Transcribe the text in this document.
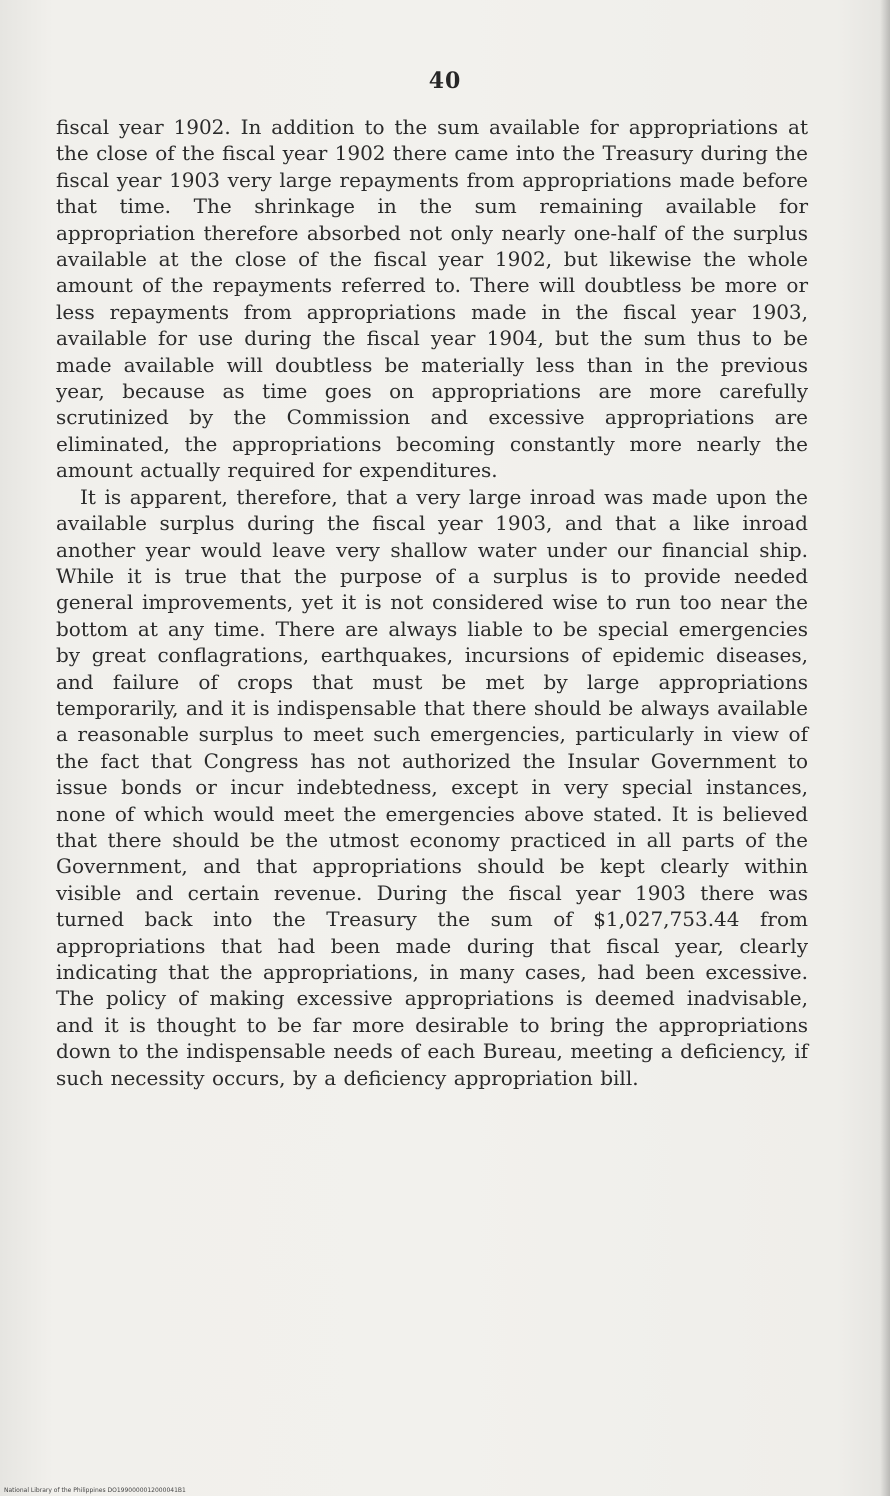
40

fiscal year 1902. In addition to the sum available for appropriations at the close of the fiscal year 1902 there came into the Treasury during the fiscal year 1903 very large repayments from appropriations made before that time. The shrinkage in the sum remaining available for appropriation therefore absorbed not only nearly one-half of the surplus available at the close of the fiscal year 1902, but likewise the whole amount of the repayments referred to. There will doubtless be more or less repayments from appropriations made in the fiscal year 1903, available for use during the fiscal year 1904, but the sum thus to be made available will doubtless be materially less than in the previous year, because as time goes on appropriations are more carefully scrutinized by the Commission and excessive appropriations are eliminated, the appropriations becoming constantly more nearly the amount actually required for expenditures.

It is apparent, therefore, that a very large inroad was made upon the available surplus during the fiscal year 1903, and that a like inroad another year would leave very shallow water under our financial ship. While it is true that the purpose of a surplus is to provide needed general improvements, yet it is not considered wise to run too near the bottom at any time. There are always liable to be special emergencies by great conflagrations, earthquakes, incursions of epidemic diseases, and failure of crops that must be met by large appropriations temporarily, and it is indispensable that there should be always available a reasonable surplus to meet such emergencies, particularly in view of the fact that Congress has not authorized the Insular Government to issue bonds or incur indebtedness, except in very special instances, none of which would meet the emergencies above stated. It is believed that there should be the utmost economy practiced in all parts of the Government, and that appropriations should be kept clearly within visible and certain revenue. During the fiscal year 1903 there was turned back into the Treasury the sum of $1,027,753.44 from appropriations that had been made during that fiscal year, clearly indicating that the appropriations, in many cases, had been excessive. The policy of making excessive appropriations is deemed inadvisable, and it is thought to be far more desirable to bring the appropriations down to the indispensable needs of each Bureau, meeting a deficiency, if such necessity occurs, by a deficiency appropriation bill.

National Library of the Philippines DO1990000012000041B1
